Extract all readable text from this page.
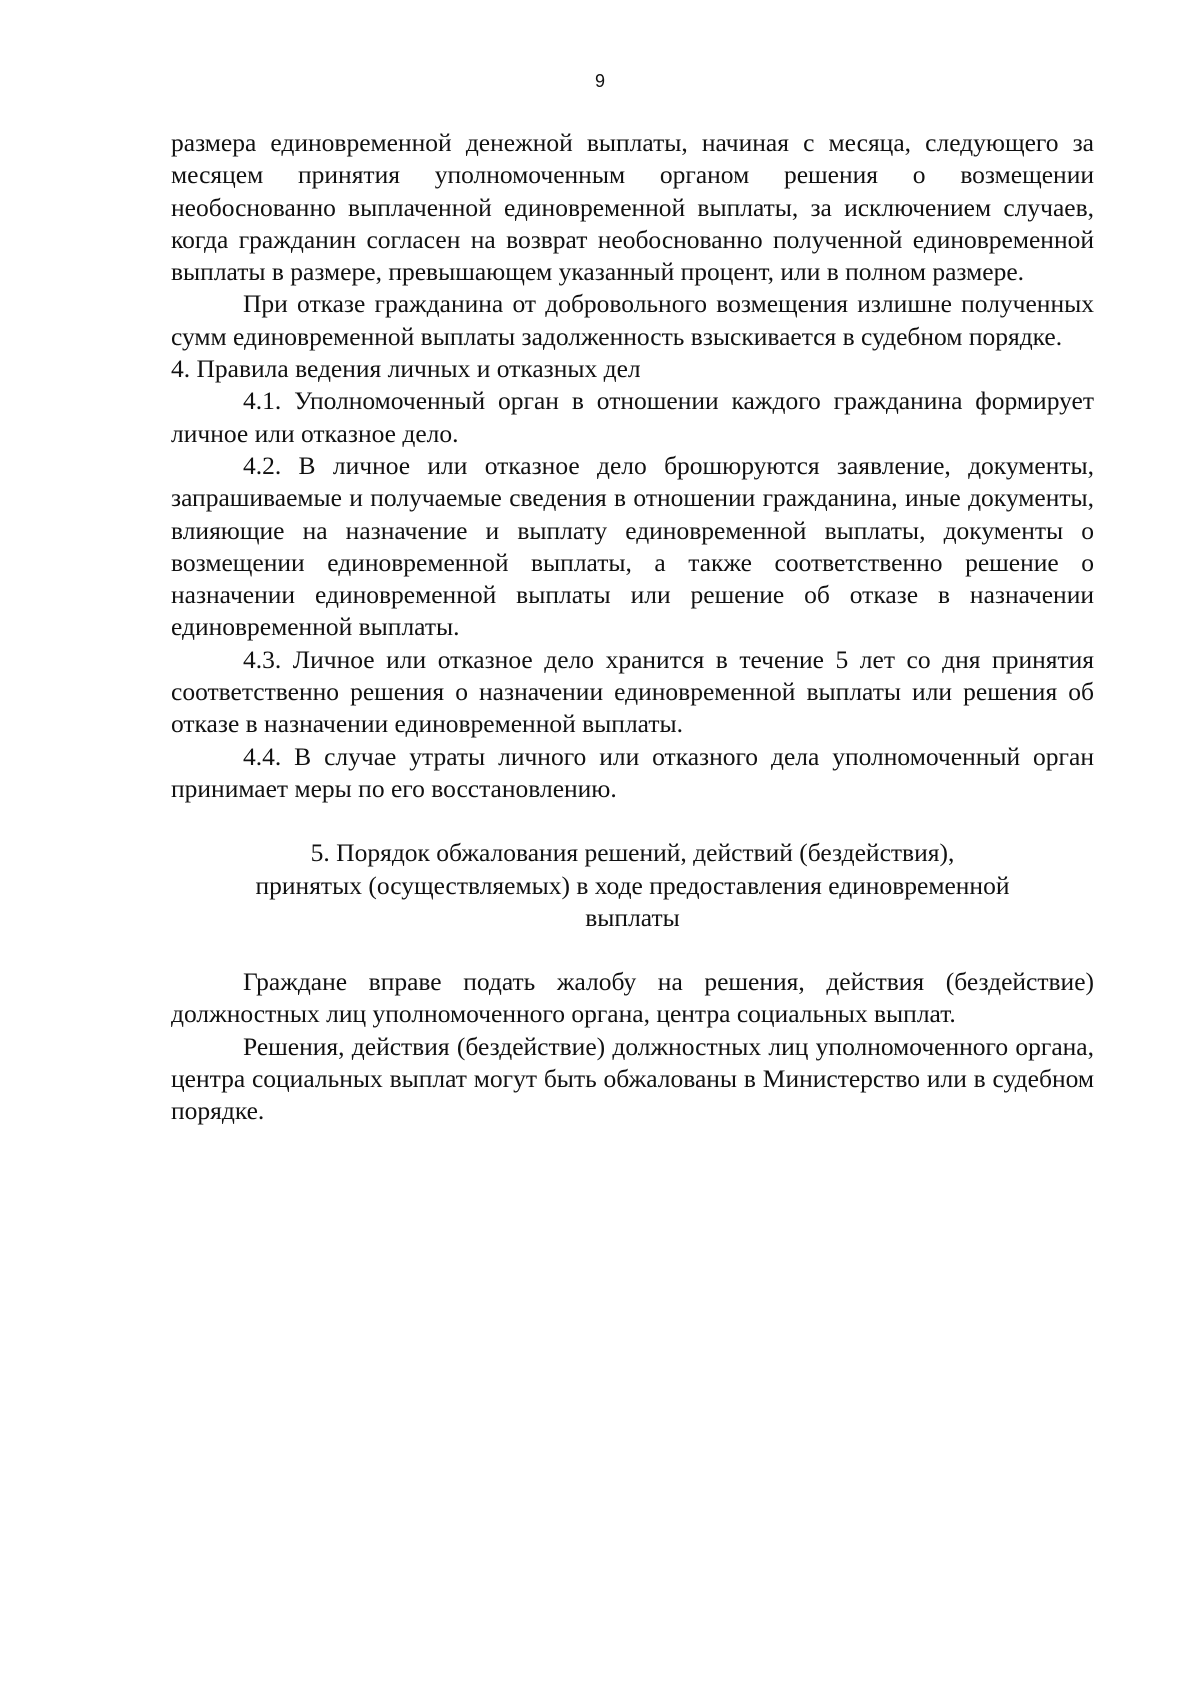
9

размера единовременной денежной выплаты, начиная с месяца, следующего за месяцем принятия уполномоченным органом решения о возмещении необоснованно выплаченной единовременной выплаты, за исключением случаев, когда гражданин согласен на возврат необоснованно полученной единовременной выплаты в размере, превышающем указанный процент, или в полном размере.

При отказе гражданина от добровольного возмещения излишне полученных сумм единовременной выплаты задолженность взыскивается в судебном порядке.

4. Правила ведения личных и отказных дел

4.1. Уполномоченный орган в отношении каждого гражданина формирует личное или отказное дело.

4.2. В личное или отказное дело брошюруются заявление, документы, запрашиваемые и получаемые сведения в отношении гражданина, иные документы, влияющие на назначение и выплату единовременной выплаты, документы о возмещении единовременной выплаты, а также соответственно решение о назначении единовременной выплаты или решение об отказе в назначении единовременной выплаты.

4.3. Личное или отказное дело хранится в течение 5 лет со дня принятия соответственно решения о назначении единовременной выплаты или решения об отказе в назначении единовременной выплаты.

4.4. В случае утраты личного или отказного дела уполномоченный орган принимает меры по его восстановлению.

5. Порядок обжалования решений, действий (бездействия),
принятых (осуществляемых) в ходе предоставления единовременной
выплаты

Граждане вправе подать жалобу на решения, действия (бездействие) должностных лиц уполномоченного органа, центра социальных выплат.

Решения, действия (бездействие) должностных лиц уполномоченного органа, центра социальных выплат могут быть обжалованы в Министерство или в судебном порядке.
